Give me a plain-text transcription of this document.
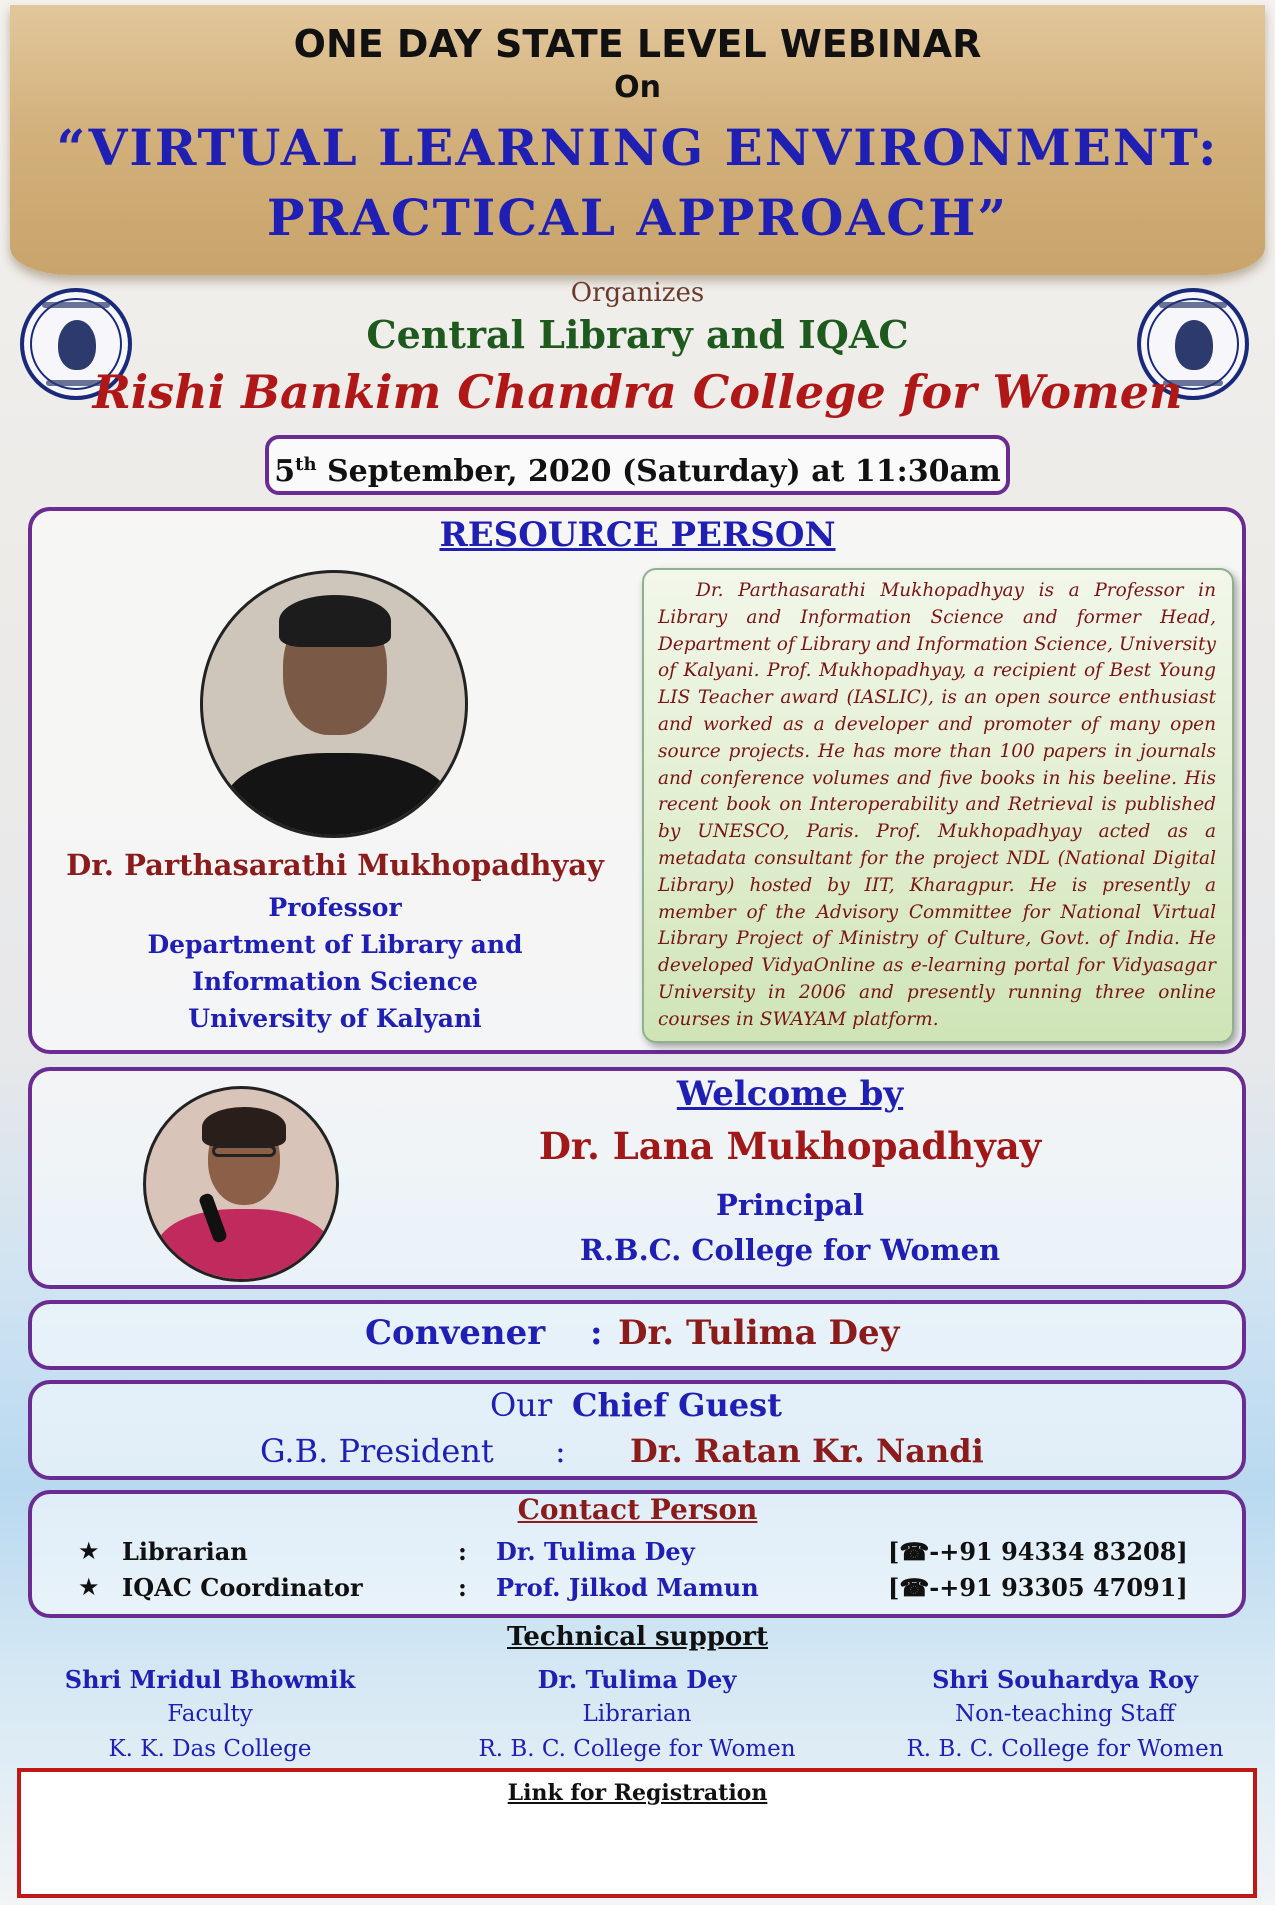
ONE DAY STATE LEVEL WEBINAR
On
“VIRTUAL LEARNING ENVIRONMENT:
PRACTICAL APPROACH”
Organizes
Central Library and IQAC
Rishi Bankim Chandra College for Women
5th September, 2020 (Saturday) at 11:30am
RESOURCE PERSON
Dr. Parthasarathi Mukhopadhyay
Professor
Department of Library and
Information Science
University of Kalyani

Dr. Parthasarathi Mukhopadhyay is a Professor in Library and Information Science and former Head, Department of Library and Information Science, University of Kalyani. Prof. Mukhopadhyay, a recipient of Best Young LIS Teacher award (IASLIC), is an open source enthusiast and worked as a developer and promoter of many open source projects. He has more than 100 papers in journals and conference volumes and five books in his beeline. His recent book on Interoperability and Retrieval is published by UNESCO, Paris. Prof. Mukhopadhyay acted as a metadata consultant for the project NDL (National Digital Library) hosted by IIT, Kharagpur. He is presently a member of the Advisory Committee for National Virtual Library Project of Ministry of Culture, Govt. of India. He developed VidyaOnline as e-learning portal for Vidyasagar University in 2006 and presently running three online courses in SWAYAM platform.

Welcome by
Dr. Lana Mukhopadhyay
Principal
R.B.C. College for Women
Convener : Dr. Tulima Dey
Our Chief Guest
G.B. President : Dr. Ratan Kr. Nandi
Contact Person
★ Librarian	: Dr. Tulima Dey	[☎-+91 94334 83208]
★ IQAC Coordinator	: Prof. Jilkod Mamun	[☎-+91 93305 47091]
Technical support
Shri Mridul Bhowmik
Faculty
K. K. Das College
Dr. Tulima Dey
Librarian
R. B. C. College for Women
Shri Souhardya Roy
Non-teaching Staff
R. B. C. College for Women
Link for Registration
